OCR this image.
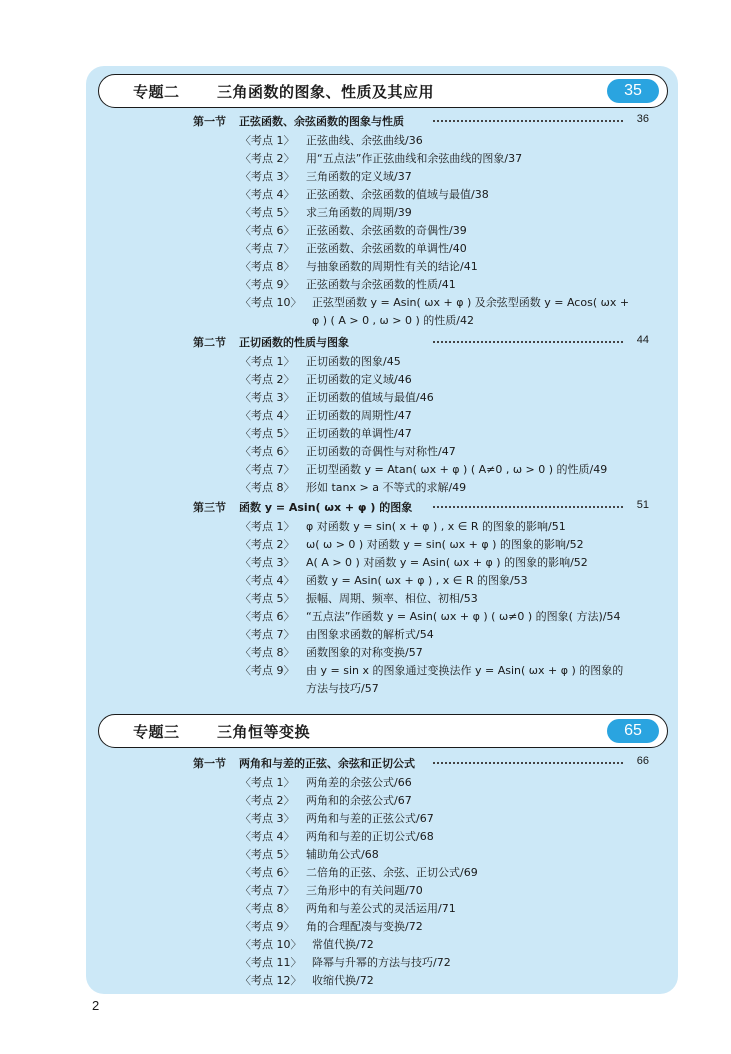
专题二 三角函数的图象、性质及其应用	35
第一节 正弦函数、余弦函数的图象与性质	36
〈考点 1〉 正弦曲线、余弦曲线/36
〈考点 2〉 用“五点法”作正弦曲线和余弦曲线的图象/37
〈考点 3〉 三角函数的定义域/37
〈考点 4〉 正弦函数、余弦函数的值域与最值/38
〈考点 5〉 求三角函数的周期/39
〈考点 6〉 正弦函数、余弦函数的奇偶性/39
〈考点 7〉 正弦函数、余弦函数的单调性/40
〈考点 8〉 与抽象函数的周期性有关的结论/41
〈考点 9〉 正弦函数与余弦函数的性质/41
〈考点 10〉 正弦型函数 y = Asin( ωx + φ ) 及余弦型函数 y = Acos( ωx +
φ ) ( A > 0 , ω > 0 ) 的性质/42
第二节 正切函数的性质与图象	44
〈考点 1〉 正切函数的图象/45
〈考点 2〉 正切函数的定义域/46
〈考点 3〉 正切函数的值域与最值/46
〈考点 4〉 正切函数的周期性/47
〈考点 5〉 正切函数的单调性/47
〈考点 6〉 正切函数的奇偶性与对称性/47
〈考点 7〉 正切型函数 y = Atan( ωx + φ ) ( A≠0 , ω > 0 ) 的性质/49
〈考点 8〉 形如 tanx > a 不等式的求解/49
第三节 函数 y = Asin( ωx + φ ) 的图象	51
〈考点 1〉 φ 对函数 y = sin( x + φ ) , x ∈ R 的图象的影响/51
〈考点 2〉 ω( ω > 0 ) 对函数 y = sin( ωx + φ ) 的图象的影响/52
〈考点 3〉 A( A > 0 ) 对函数 y = Asin( ωx + φ ) 的图象的影响/52
〈考点 4〉 函数 y = Asin( ωx + φ ) , x ∈ R 的图象/53
〈考点 5〉 振幅、周期、频率、相位、初相/53
〈考点 6〉 “五点法”作函数 y = Asin( ωx + φ ) ( ω≠0 ) 的图象( 方法)/54
〈考点 7〉 由图象求函数的解析式/54
〈考点 8〉 函数图象的对称变换/57
〈考点 9〉 由 y = sin x 的图象通过变换法作 y = Asin( ωx + φ ) 的图象的
方法与技巧/57
专题三 三角恒等变换	65
第一节 两角和与差的正弦、余弦和正切公式	66
〈考点 1〉 两角差的余弦公式/66
〈考点 2〉 两角和的余弦公式/67
〈考点 3〉 两角和与差的正弦公式/67
〈考点 4〉 两角和与差的正切公式/68
〈考点 5〉 辅助角公式/68
〈考点 6〉 二倍角的正弦、余弦、正切公式/69
〈考点 7〉 三角形中的有关问题/70
〈考点 8〉 两角和与差公式的灵活运用/71
〈考点 9〉 角的合理配凑与变换/72
〈考点 10〉 常值代换/72
〈考点 11〉 降幂与升幂的方法与技巧/72
〈考点 12〉 收缩代换/72
2
